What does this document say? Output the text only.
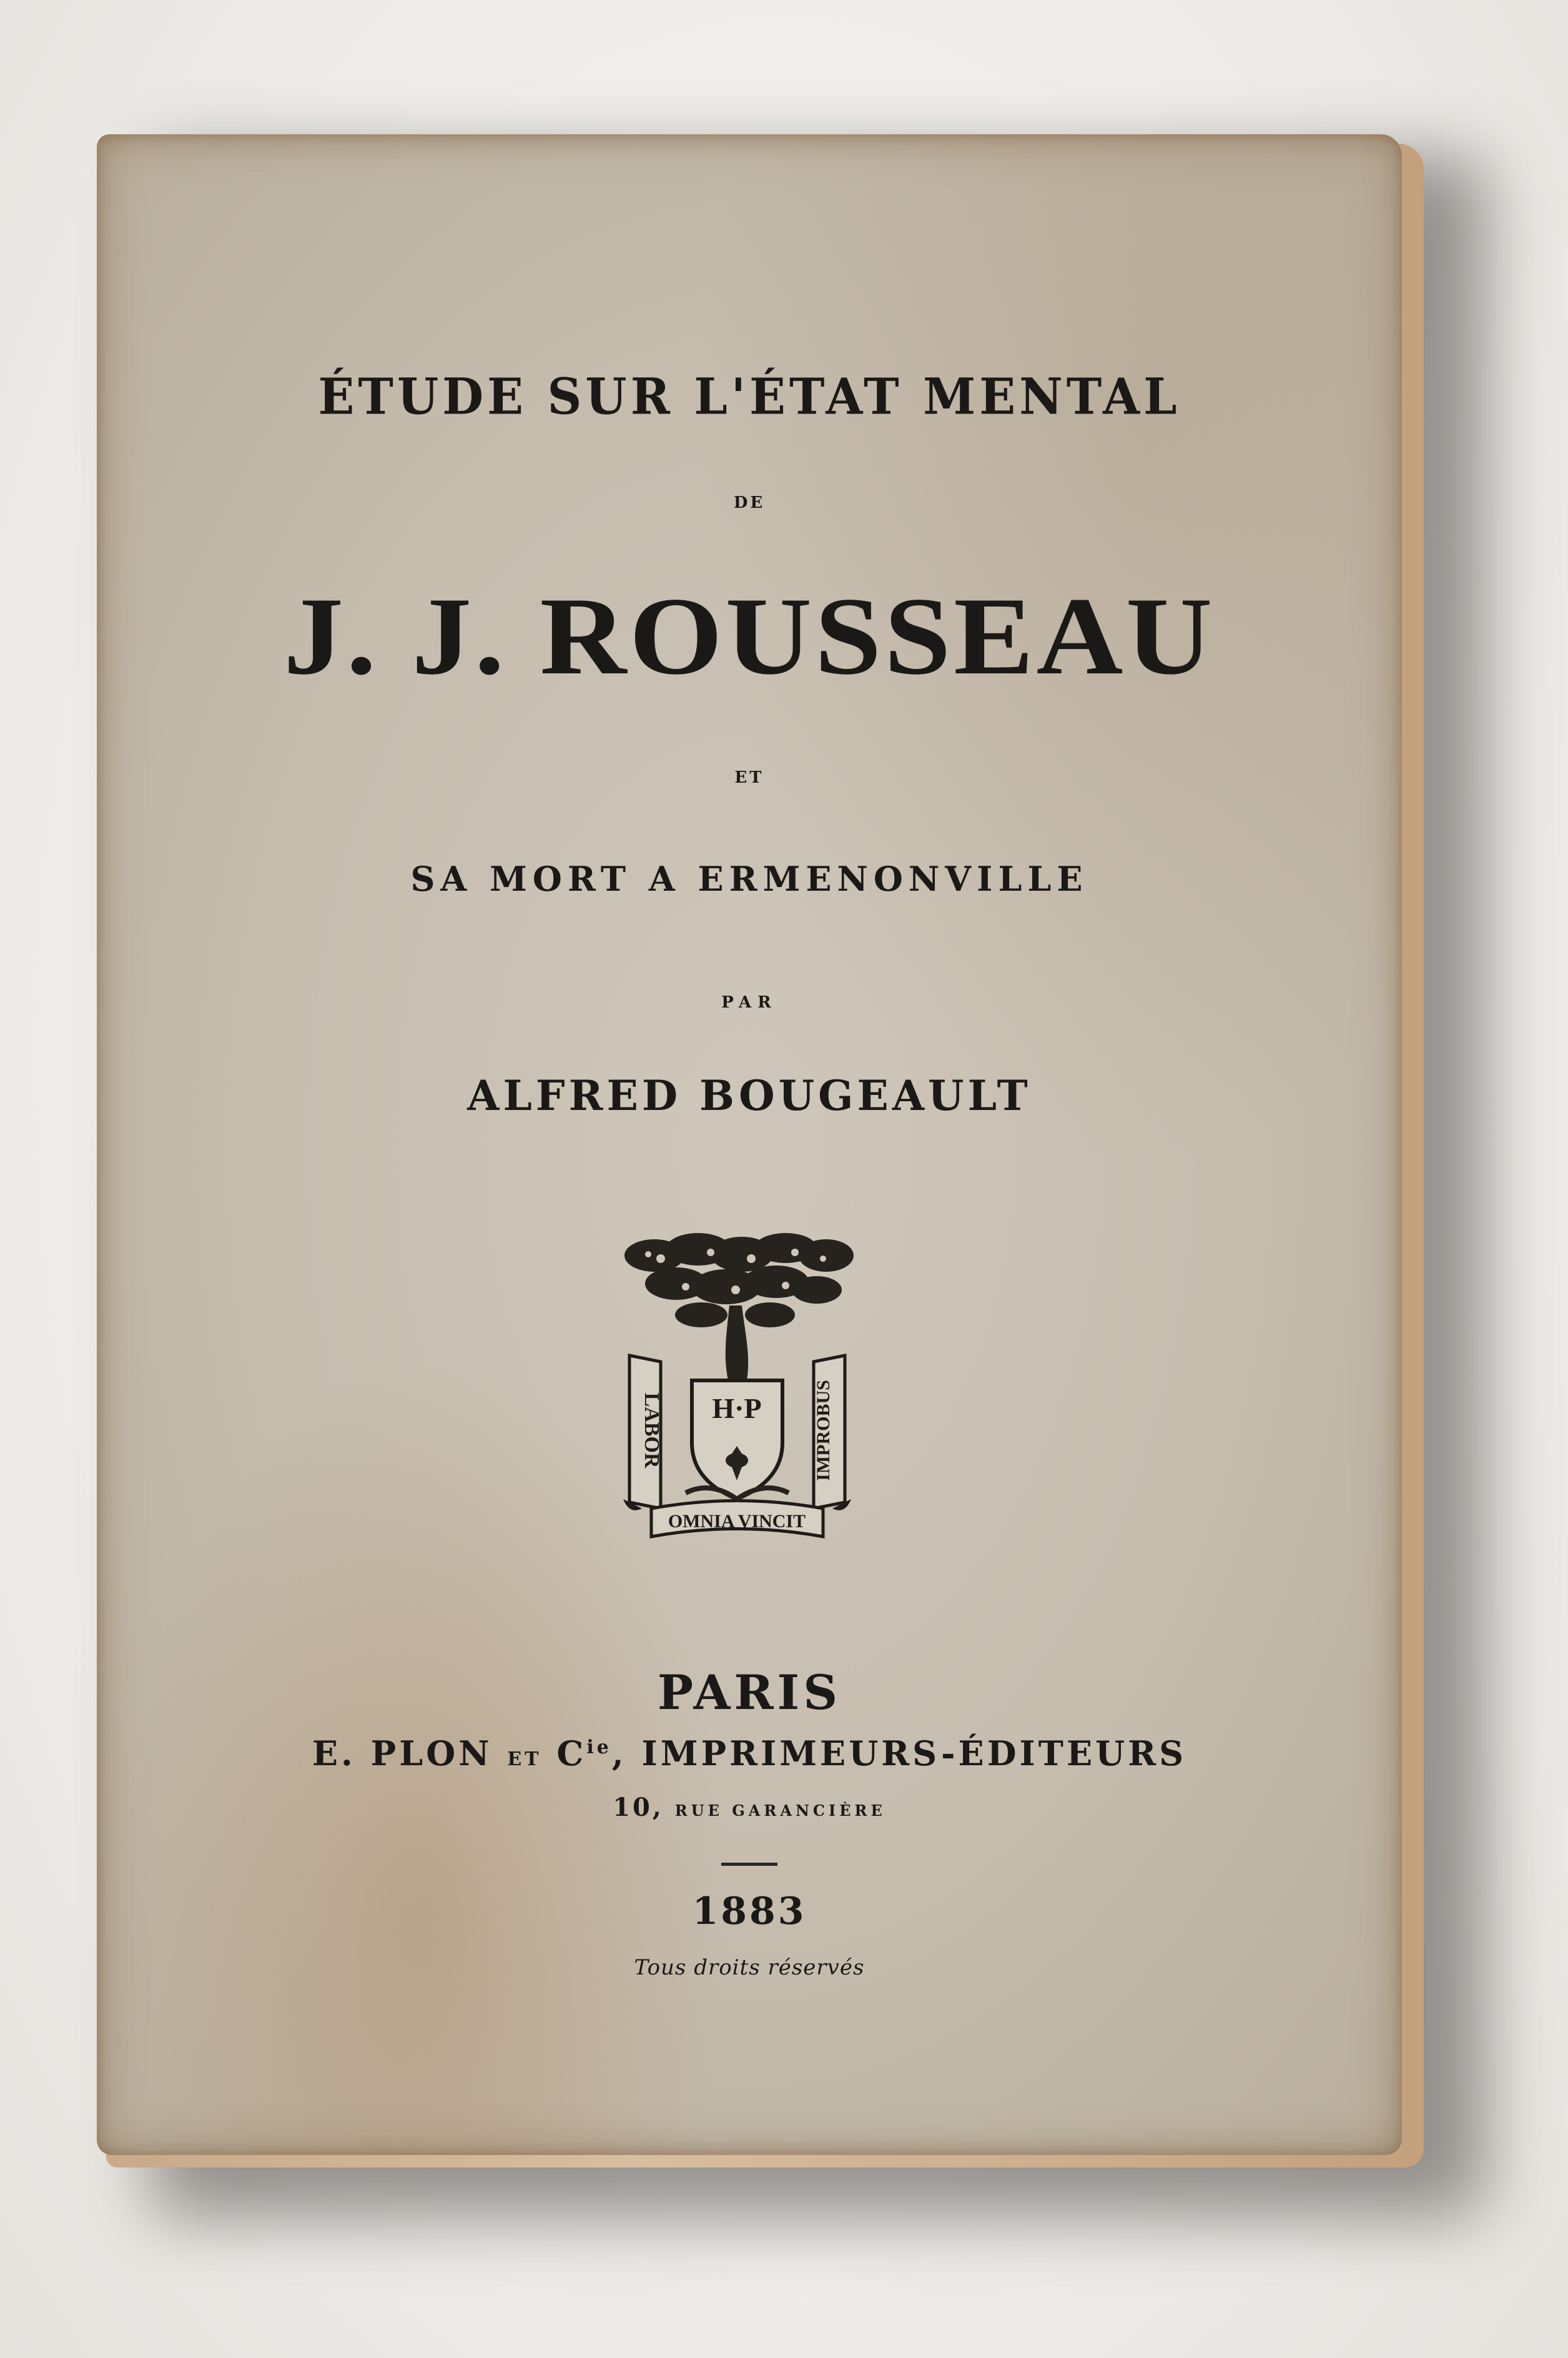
ÉTUDE SUR L'ÉTAT MENTAL
DE
J. J. ROUSSEAU
ET
SA MORT A ERMENONVILLE
PAR
ALFRED BOUGEAULT
LABOR	IMPROBUS
H·P
OMNIA VINCIT
PARIS
E. PLON ET $C^{ie}$, IMPRIMEURS-ÉDITEURS
10, RUE GARANCIÈRE
1883
Tous droits réservés
